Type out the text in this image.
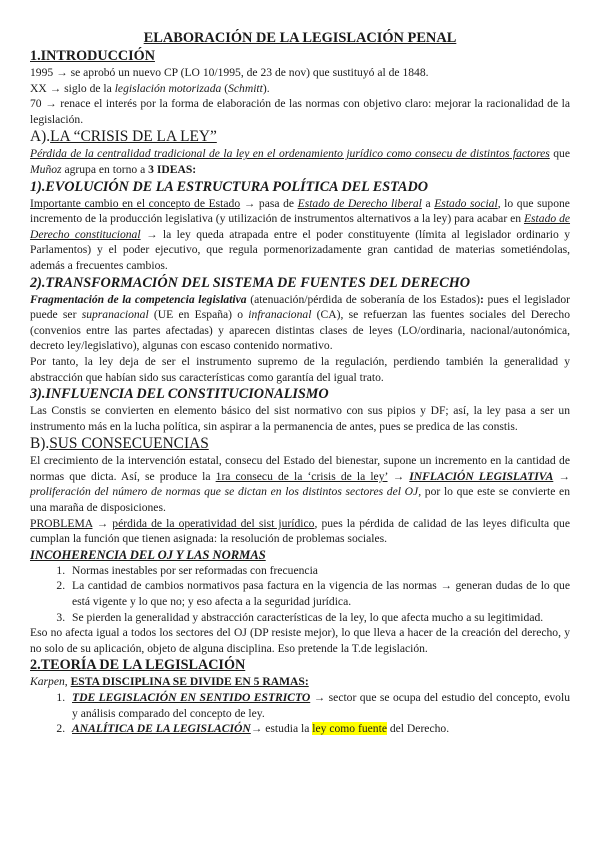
ELABORACIÓN DE LA LEGISLACIÓN PENAL

1.INTRODUCCIÓN

1995 → se aprobó un nuevo CP (LO 10/1995, de 23 de nov) que sustituyó al de 1848.

XX → siglo de la legislación motorizada (Schmitt).

70 → renace el interés por la forma de elaboración de las normas con objetivo claro: mejorar la racionalidad de la legislación.

A).LA “CRISIS DE LA LEY”

Pérdida de la centralidad tradicional de la ley en el ordenamiento jurídico como consecu de distintos factores que Muñoz agrupa en torno a 3 IDEAS:

1).EVOLUCIÓN DE LA ESTRUCTURA POLÍTICA DEL ESTADO

Importante cambio en el concepto de Estado → pasa de Estado de Derecho liberal a Estado social, lo que supone incremento de la producción legislativa (y utilización de instrumentos alternativos a la ley) para acabar en Estado de Derecho constitucional → la ley queda atrapada entre el poder constituyente (límita al legislador ordinario y Parlamentos) y el poder ejecutivo, que regula pormenorizadamente gran cantidad de materias sometiéndolas, además a frecuentes cambios.

2).TRANSFORMACIÓN DEL SISTEMA DE FUENTES DEL DERECHO

Fragmentación de la competencia legislativa (atenuación/pérdida de soberanía de los Estados): pues el legislador puede ser supranacional (UE en España) o infranacional (CA), se refuerzan las fuentes sociales del Derecho (convenios entre las partes afectadas) y aparecen distintas clases de leyes (LO/ordinaria, nacional/autonómica, decreto ley/legislativo), algunas con escaso contenido normativo.

Por tanto, la ley deja de ser el instrumento supremo de la regulación, perdiendo también la generalidad y abstracción que habían sido sus características como garantía del igual trato.

3).INFLUENCIA DEL CONSTITUCIONALISMO

Las Constis se convierten en elemento básico del sist normativo con sus pipios y DF; así, la ley pasa a ser un instrumento más en la lucha política, sin aspirar a la permanencia de antes, pues se predica de las constis.

B).SUS CONSECUENCIAS

El crecimiento de la intervención estatal, consecu del Estado del bienestar, supone un incremento en la cantidad de normas que dicta. Así, se produce la 1ra consecu de la ‘crisis de la ley’ → INFLACIÓN LEGISLATIVA → proliferación del número de normas que se dictan en los distintos sectores del OJ, por lo que este se convierte en una maraña de disposiciones.

PROBLEMA → pérdida de la operatividad del sist jurídico, pues la pérdida de calidad de las leyes dificulta que cumplan la función que tienen asignada: la resolución de problemas sociales.

INCOHERENCIA DEL OJ Y LAS NORMAS

1. Normas inestables por ser reformadas con frecuencia
2. La cantidad de cambios normativos pasa factura en la vigencia de las normas → generan dudas de lo que está vigente y lo que no; y eso afecta a la seguridad jurídica.
3. Se pierden la generalidad y abstracción características de la ley, lo que afecta mucho a su legitimidad.

Eso no afecta igual a todos los sectores del OJ (DP resiste mejor), lo que lleva a hacer de la creación del derecho, y no solo de su aplicación, objeto de alguna disciplina. Eso pretende la T.de legislación.

2.TEORÍA DE LA LEGISLACIÓN

Karpen, ESTA DISCIPLINA SE DIVIDE EN 5 RAMAS:

1. TDE LEGISLACIÓN EN SENTIDO ESTRICTO → sector que se ocupa del estudio del concepto, evolu y análisis comparado del concepto de ley.
2. ANALÍTICA DE LA LEGISLACIÓN→ estudia la ley como fuente del Derecho.
